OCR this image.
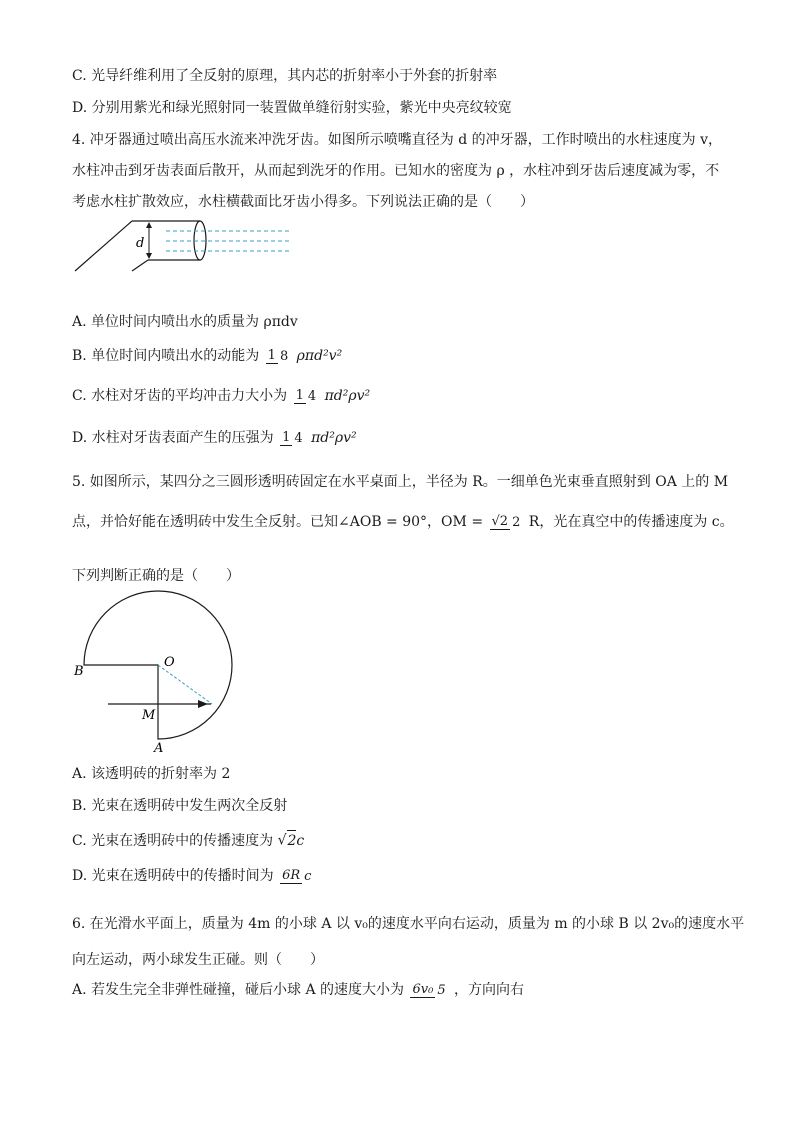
C. 光导纤维利用了全反射的原理，其内芯的折射率小于外套的折射率
D. 分别用紫光和绿光照射同一装置做单缝衍射实验，紫光中央亮纹较宽
4. 冲牙器通过喷出高压水流来冲洗牙齿。如图所示喷嘴直径为 d 的冲牙器，工作时喷出的水柱速度为 v，
水柱冲击到牙齿表面后散开，从而起到洗牙的作用。已知水的密度为 ρ ，水柱冲到牙齿后速度减为零，不
考虑水柱扩散效应，水柱横截面比牙齿小得多。下列说法正确的是（　　）
d
A. 单位时间内喷出水的质量为 ρπdv
B. 单位时间内喷出水的动能为 1 8 ρπd²v²
C. 水柱对牙齿的平均冲击力大小为 1 4 πd²ρv²
D. 水柱对牙齿表面产生的压强为 1 4 πd²ρv²
5. 如图所示，某四分之三圆形透明砖固定在水平桌面上，半径为 R。一细单色光束垂直照射到 OA 上的 M
点，并恰好能在透明砖中发生全反射。已知∠AOB = 90°，OM = √2 2 R，光在真空中的传播速度为 c。
下列判断正确的是（　　）
B
O
M
A
A. 该透明砖的折射率为 2
B. 光束在透明砖中发生两次全反射
C. 光束在透明砖中的传播速度为 √2c
D. 光束在透明砖中的传播时间为 6R c
6. 在光滑水平面上，质量为 4m 的小球 A 以 v₀的速度水平向右运动，质量为 m 的小球 B 以 2v₀的速度水平
向左运动，两小球发生正碰。则（　　）
A. 若发生完全非弹性碰撞，碰后小球 A 的速度大小为 6v₀ 5 ，方向向右
